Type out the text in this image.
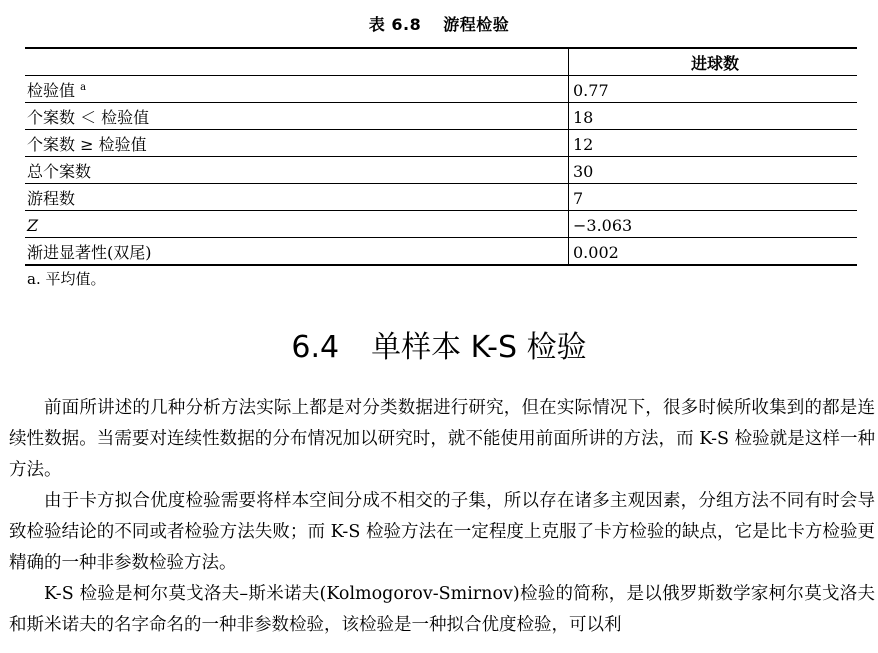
表 6.8 游程检验
	进球数
检验值 $^a$	0.77
个案数 ＜ 检验值	18
个案数 ≥ 检验值	12
总个案数	30
游程数	7
Z	−3.063
渐进显著性(双尾)	0.002
a. 平均值。
6.4 单样本 K-S 检验

前面所讲述的几种分析方法实际上都是对分类数据进行研究，但在实际情况下，很多时候所收集到的都是连续性数据。当需要对连续性数据的分布情况加以研究时，就不能使用前面所讲的方法，而 K-S 检验就是这样一种方法。

由于卡方拟合优度检验需要将样本空间分成不相交的子集，所以存在诸多主观因素，分组方法不同有时会导致检验结论的不同或者检验方法失败；而 K-S 检验方法在一定程度上克服了卡方检验的缺点，它是比卡方检验更精确的一种非参数检验方法。

K-S 检验是柯尔莫戈洛夫–斯米诺夫(Kolmogorov-Smirnov)检验的简称，是以俄罗斯数学家柯尔莫戈洛夫和斯米诺夫的名字命名的一种非参数检验，该检验是一种拟合优度检验，可以利
